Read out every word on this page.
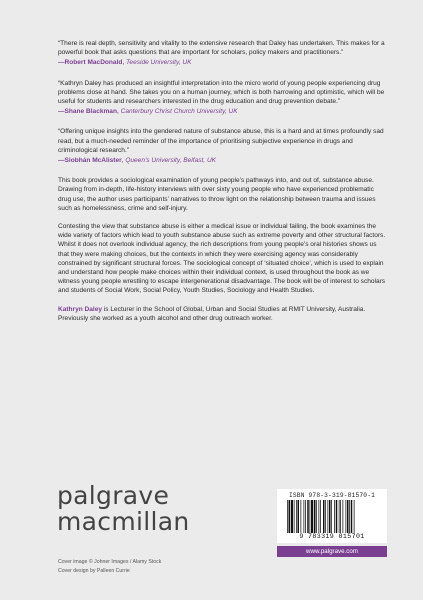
“There is real depth, sensitivity and vitality to the extensive research that Daley has undertaken. This makes for a powerful book that asks questions that are important for scholars, policy makers and practitioners.”

—Robert MacDonald, Teeside University, UK

“Kathryn Daley has produced an insightful interpretation into the micro world of young people experiencing drug problems close at hand. She takes you on a human journey, which is both harrowing and optimistic, which will be useful for students and researchers interested in the drug education and drug prevention debate.”

—Shane Blackman, Canterbury Christ Church University, UK

“Offering unique insights into the gendered nature of substance abuse, this is a hard and at times profoundly sad read, but a much-needed reminder of the importance of prioritising subjective experience in drugs and criminological research.”

—Siobhán McAlister, Queen’s University, Belfast, UK

This book provides a sociological examination of young people’s pathways into, and out of, substance abuse. Drawing from in-depth, life-history interviews with over sixty young people who have experienced problematic drug use, the author uses participants’ narratives to throw light on the relationship between trauma and issues such as homelessness, crime and self-injury.

Contesting the view that substance abuse is either a medical issue or individual failing, the book examines the wide variety of factors which lead to youth substance abuse such as extreme poverty and other structural factors. Whilst it does not overlook individual agency, the rich descriptions from young people’s oral histories shows us that they were making choices, but the contexts in which they were exercising agency was considerably constrained by significant structural forces. The sociological concept of ‘situated choice’, which is used to explain and understand how people make choices within their individual context, is used throughout the book as we witness young people wrestling to escape intergenerational disadvantage. The book will be of interest to scholars and students of Social Work, Social Policy, Youth Studies, Sociology and Health Studies.

Kathryn Daley is Lecturer in the School of Global, Urban and Social Studies at RMIT University, Australia. Previously she worked as a youth alcohol and other drug outreach worker.

palgrave
macmillan
Cover image © Johner Images / Alamy Stock
Cover design by Palleen Currie
ISBN 978-3-319-81570-1
9 783319 815701
www.palgrave.com
